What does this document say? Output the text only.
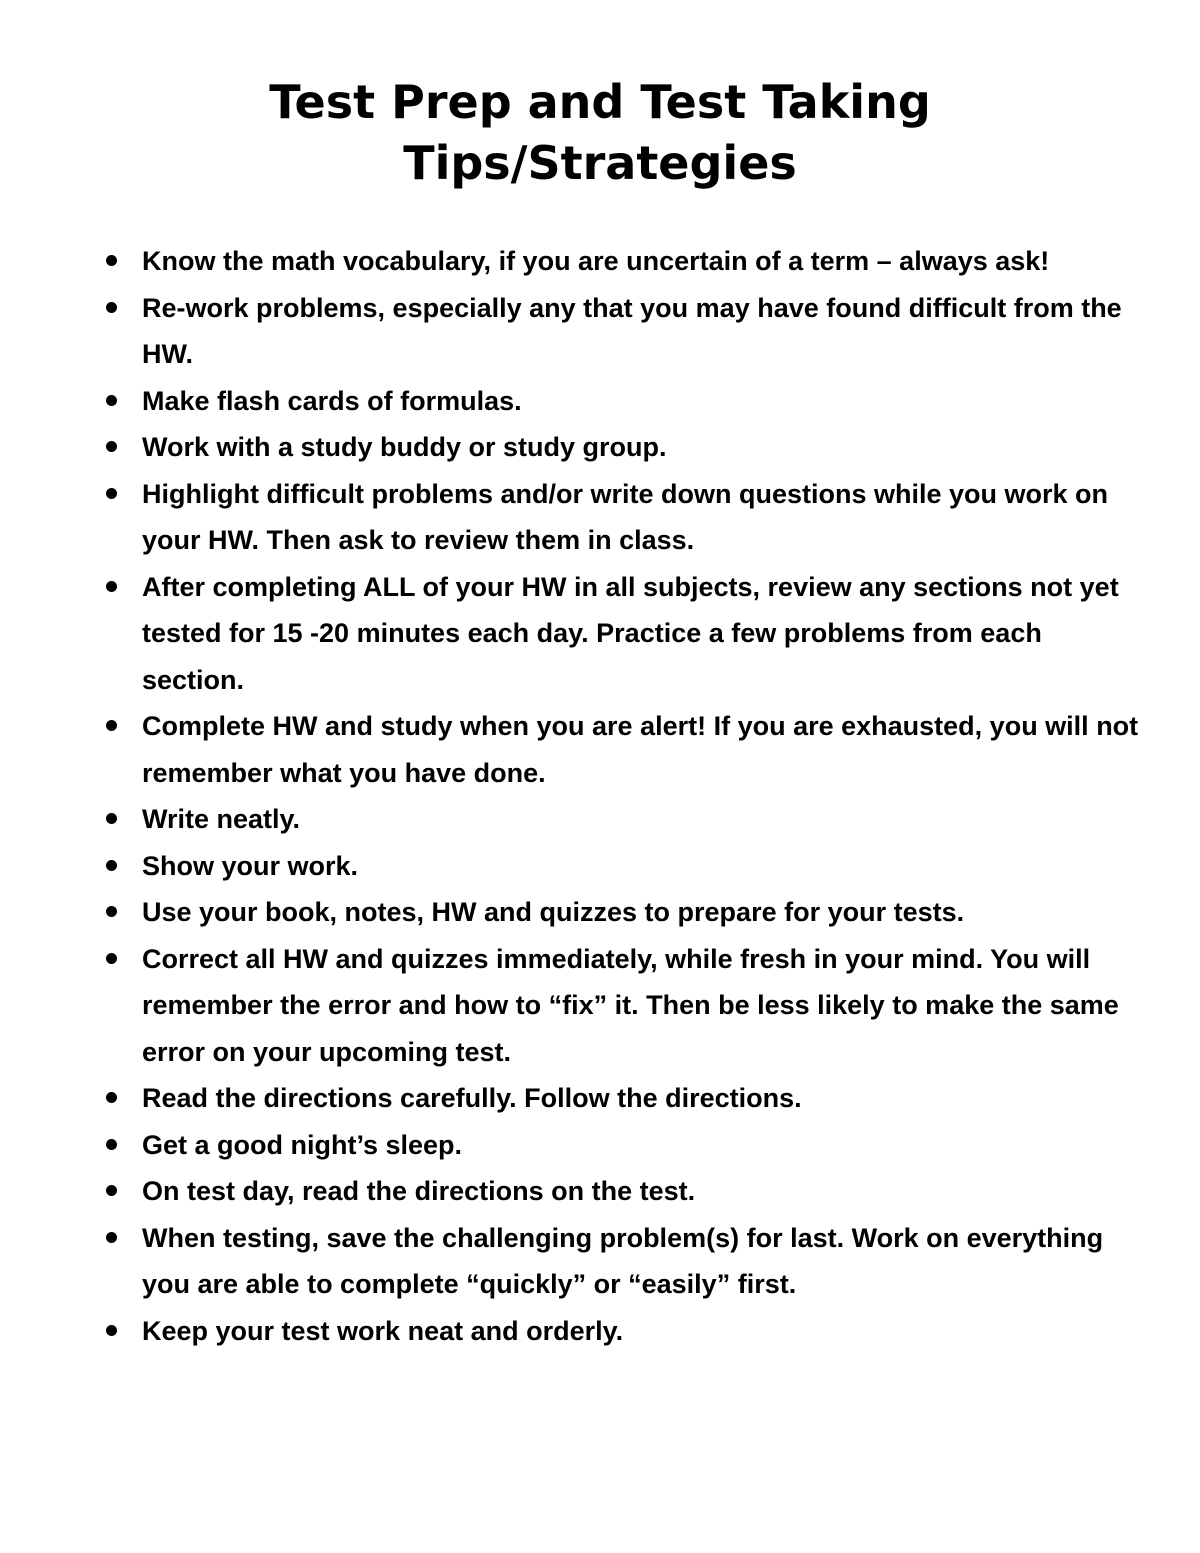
Test Prep and Test Taking
Tips/Strategies
Know the math vocabulary, if you are uncertain of a term – always ask!
Re-work problems, especially any that you may have found difficult from the HW.
Make flash cards of formulas.
Work with a study buddy or study group.
Highlight difficult problems and/or write down questions while you work on your HW. Then ask to review them in class.
After completing ALL of your HW in all subjects, review any sections not yet tested for 15 -20 minutes each day. Practice a few problems from each section.
Complete HW and study when you are alert! If you are exhausted, you will not remember what you have done.
Write neatly.
Show your work.
Use your book, notes, HW and quizzes to prepare for your tests.
Correct all HW and quizzes immediately, while fresh in your mind. You will remember the error and how to “fix” it. Then be less likely to make the same error on your upcoming test.
Read the directions carefully. Follow the directions.
Get a good night’s sleep.
On test day, read the directions on the test.
When testing, save the challenging problem(s) for last. Work on everything you are able to complete “quickly” or “easily” first.
Keep your test work neat and orderly.
